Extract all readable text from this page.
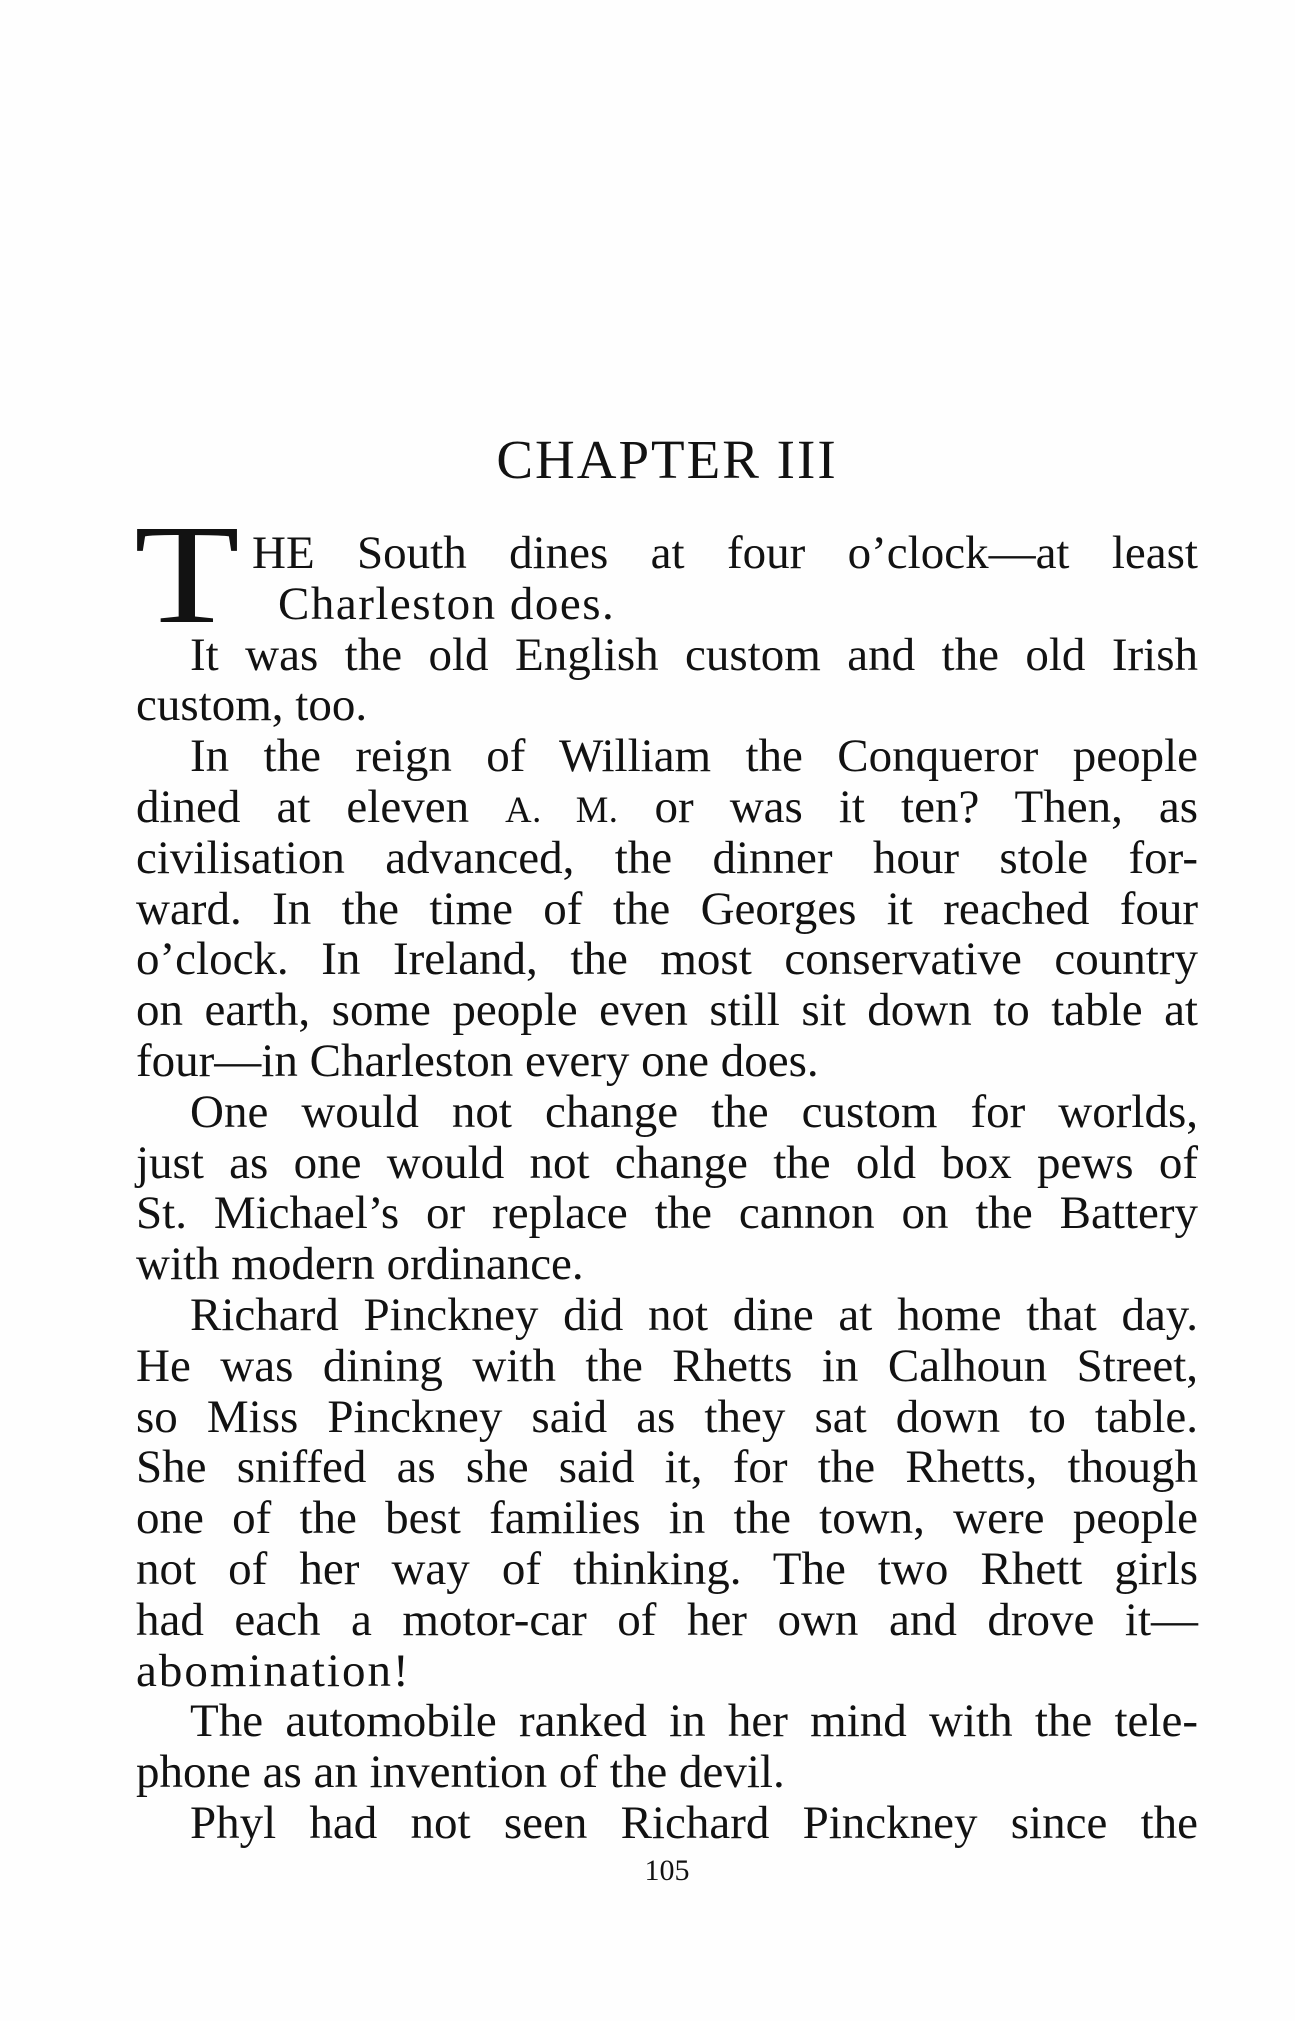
CHAPTER III
T HE South dines at four o’clock—at least
Charleston does.
It was the old English custom and the old Irish
custom, too.
In the reign of William the Conqueror people
dined at eleven A. M. or was it ten? Then, as
civilisation advanced, the dinner hour stole for-
ward. In the time of the Georges it reached four
o’clock. In Ireland, the most conservative country
on earth, some people even still sit down to table at
four—in Charleston every one does.
One would not change the custom for worlds,
just as one would not change the old box pews of
St. Michael’s or replace the cannon on the Battery
with modern ordinance.
Richard Pinckney did not dine at home that day.
He was dining with the Rhetts in Calhoun Street,
so Miss Pinckney said as they sat down to table.
She sniffed as she said it, for the Rhetts, though
one of the best families in the town, were people
not of her way of thinking. The two Rhett girls
had each a motor-car of her own and drove it—
abomination!
The automobile ranked in her mind with the tele-
phone as an invention of the devil.
Phyl had not seen Richard Pinckney since the
105
